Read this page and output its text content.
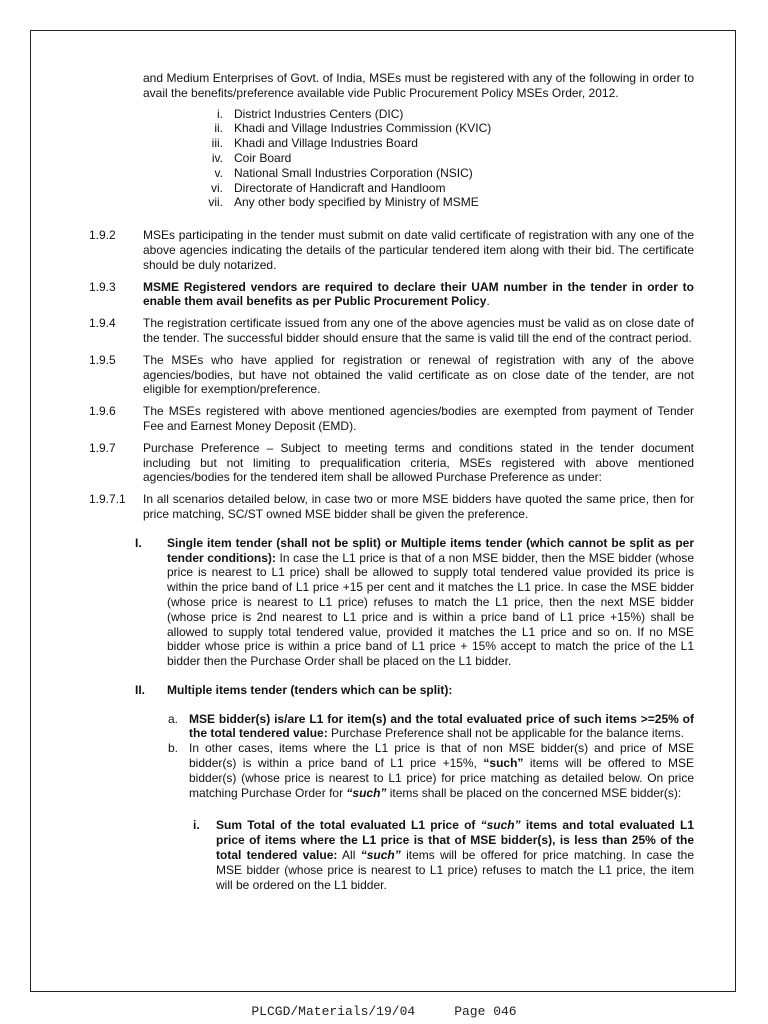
and Medium Enterprises of Govt. of India, MSEs must be registered with any of the following in order to avail the benefits/preference available vide Public Procurement Policy MSEs Order, 2012.
i. District Industries Centers (DIC)
ii. Khadi and Village Industries Commission (KVIC)
iii. Khadi and Village Industries Board
iv. Coir Board
v. National Small Industries Corporation (NSIC)
vi. Directorate of Handicraft and Handloom
vii. Any other body specified by Ministry of MSME
1.9.2 MSEs participating in the tender must submit on date valid certificate of registration with any one of the above agencies indicating the details of the particular tendered item along with their bid. The certificate should be duly notarized.
1.9.3 MSME Registered vendors are required to declare their UAM number in the tender in order to enable them avail benefits as per Public Procurement Policy.
1.9.4 The registration certificate issued from any one of the above agencies must be valid as on close date of the tender. The successful bidder should ensure that the same is valid till the end of the contract period.
1.9.5 The MSEs who have applied for registration or renewal of registration with any of the above agencies/bodies, but have not obtained the valid certificate as on close date of the tender, are not eligible for exemption/preference.
1.9.6 The MSEs registered with above mentioned agencies/bodies are exempted from payment of Tender Fee and Earnest Money Deposit (EMD).
1.9.7 Purchase Preference – Subject to meeting terms and conditions stated in the tender document including but not limiting to prequalification criteria, MSEs registered with above mentioned agencies/bodies for the tendered item shall be allowed Purchase Preference as under:
1.9.7.1 In all scenarios detailed below, in case two or more MSE bidders have quoted the same price, then for price matching, SC/ST owned MSE bidder shall be given the preference.
I. Single item tender (shall not be split) or Multiple items tender (which cannot be split as per tender conditions): In case the L1 price is that of a non MSE bidder, then the MSE bidder (whose price is nearest to L1 price) shall be allowed to supply total tendered value provided its price is within the price band of L1 price +15 per cent and it matches the L1 price. In case the MSE bidder (whose price is nearest to L1 price) refuses to match the L1 price, then the next MSE bidder (whose price is 2nd nearest to L1 price and is within a price band of L1 price +15%) shall be allowed to supply total tendered value, provided it matches the L1 price and so on. If no MSE bidder whose price is within a price band of L1 price + 15% accept to match the price of the L1 bidder then the Purchase Order shall be placed on the L1 bidder.
II. Multiple items tender (tenders which can be split):
a. MSE bidder(s) is/are L1 for item(s) and the total evaluated price of such items >=25% of the total tendered value: Purchase Preference shall not be applicable for the balance items.
b. In other cases, items where the L1 price is that of non MSE bidder(s) and price of MSE bidder(s) is within a price band of L1 price +15%, “such” items will be offered to MSE bidder(s) (whose price is nearest to L1 price) for price matching as detailed below. On price matching Purchase Order for “such” items shall be placed on the concerned MSE bidder(s):
i. Sum Total of the total evaluated L1 price of “such” items and total evaluated L1 price of items where the L1 price is that of MSE bidder(s), is less than 25% of the total tendered value: All “such” items will be offered for price matching. In case the MSE bidder (whose price is nearest to L1 price) refuses to match the L1 price, the item will be ordered on the L1 bidder.
PLCGD/Materials/19/04	Page 046
